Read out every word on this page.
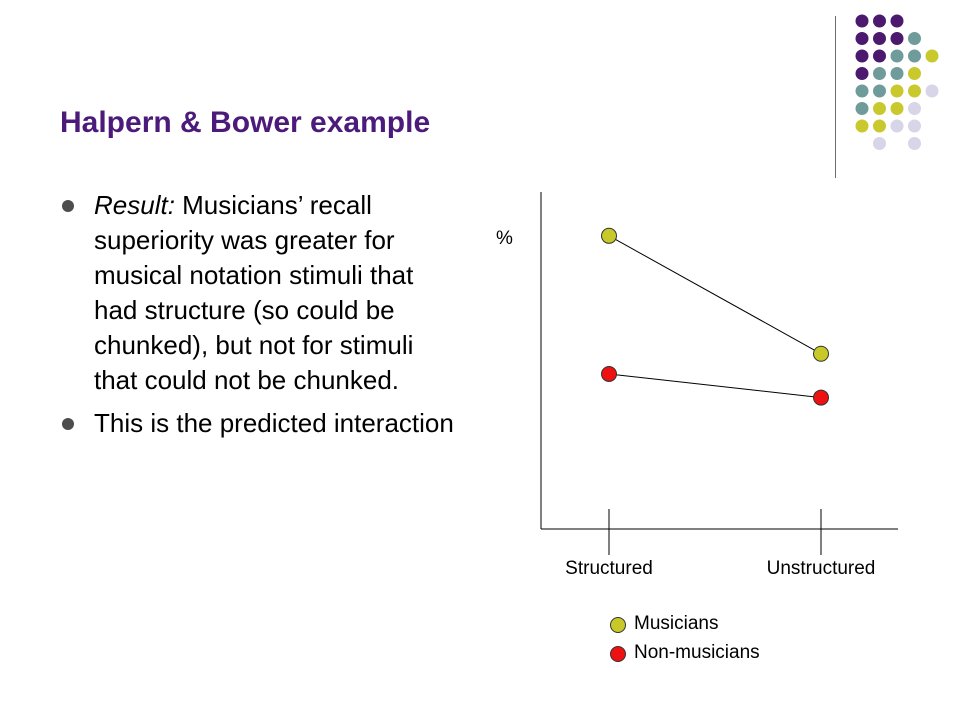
Halpern & Bower example
Result: Musicians’ recall superiority was greater for musical notation stimuli that had structure (so could be chunked), but not for stimuli that could not be chunked.
This is the predicted interaction
%
Structured	Unstructured
Musicians
Non-musicians
